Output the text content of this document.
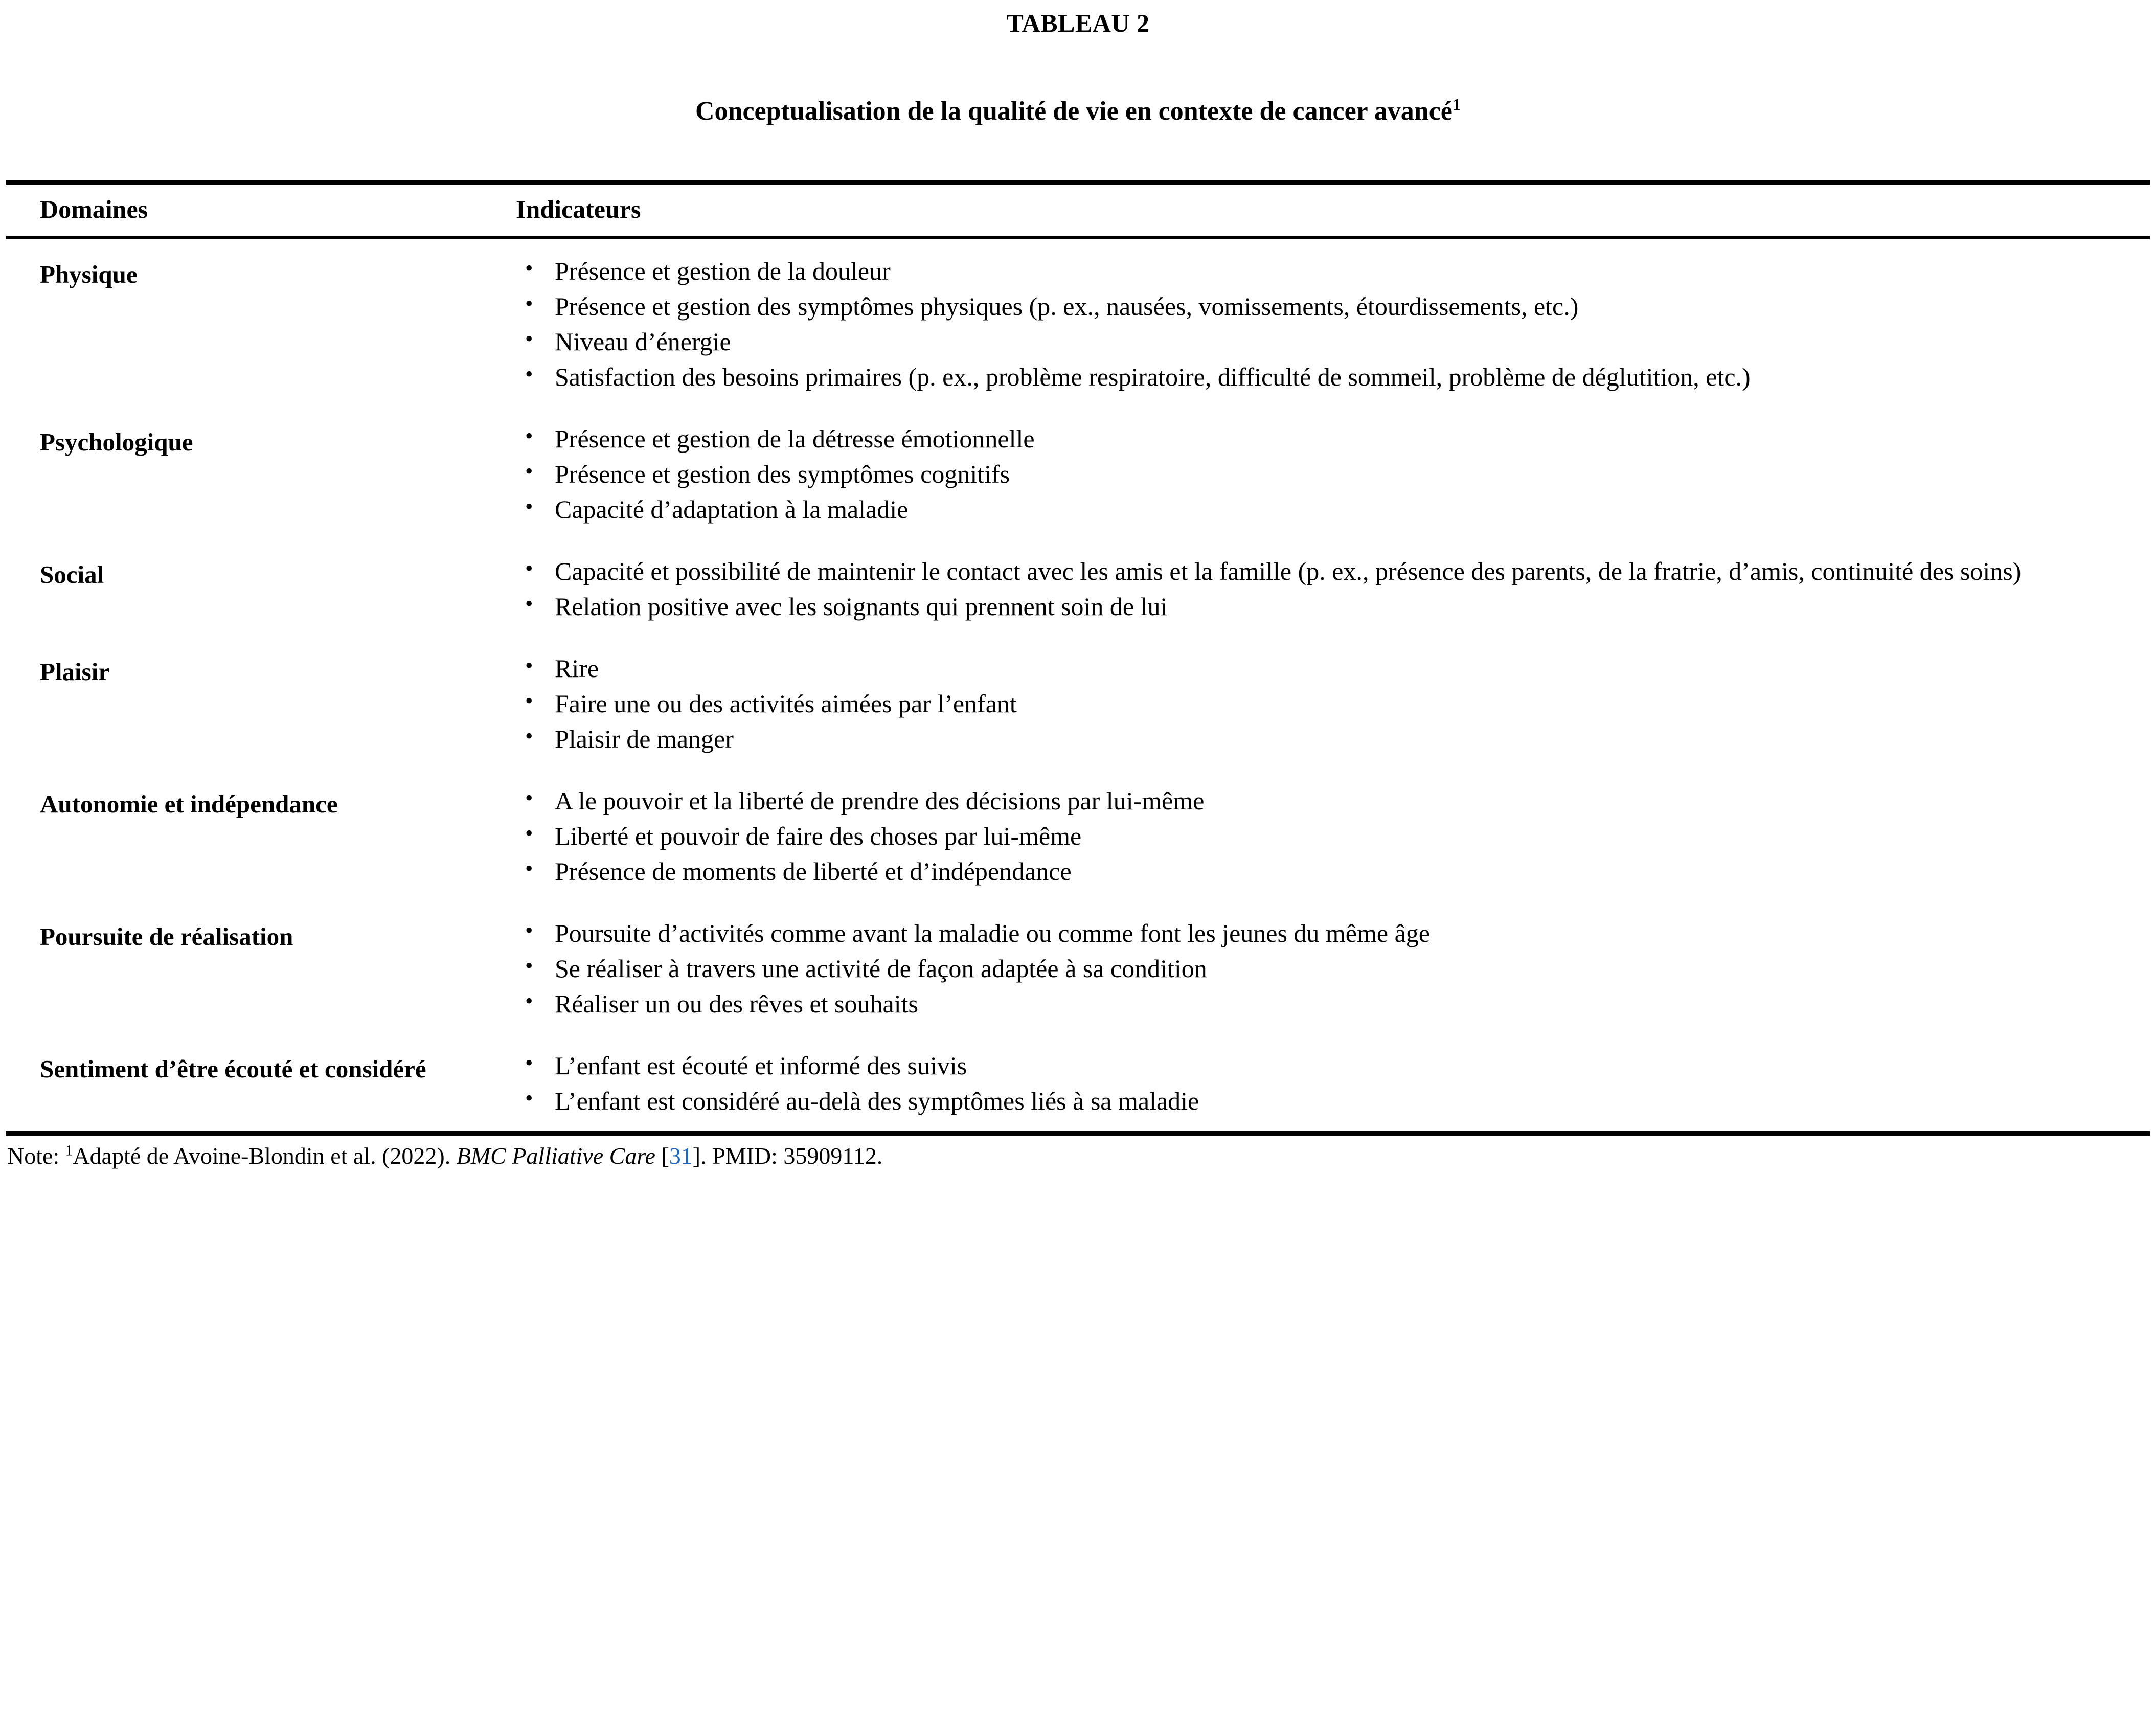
TABLEAU 2
Conceptualisation de la qualité de vie en contexte de cancer avancé$^1$
Domaines	Indicateurs
Physique	
•Présence et gestion de la douleur
• Présence et gestion des symptômes physiques (p. ex., nausées, vomissements, étourdissements, etc.)
• Niveau d’énergie
• Satisfaction des besoins primaires (p. ex., problème respiratoire, difficulté de sommeil, problème de déglutition, etc.)

Psychologique	
•Présence et gestion de la détresse émotionnelle
• Présence et gestion des symptômes cognitifs
• Capacité d’adaptation à la maladie

Social	
•Capacité et possibilité de maintenir le contact avec les amis et la famille (p. ex., présence des parents, de la fratrie, d’amis, continuité des soins)
• Relation positive avec les soignants qui prennent soin de lui

Plaisir	
•Rire
• Faire une ou des activités aimées par l’enfant
• Plaisir de manger

Autonomie et indépendance	
•A le pouvoir et la liberté de prendre des décisions par lui-même
• Liberté et pouvoir de faire des choses par lui-même
• Présence de moments de liberté et d’indépendance

Poursuite de réalisation	
•Poursuite d’activités comme avant la maladie ou comme font les jeunes du même âge
• Se réaliser à travers une activité de façon adaptée à sa condition
• Réaliser un ou des rêves et souhaits

Sentiment d’être écouté et considéré	
•L’enfant est écouté et informé des suivis
• L’enfant est considéré au-delà des symptômes liés à sa maladie
Note: $^1$Adapté de Avoine-Blondin et al. (2022). BMC Palliative Care [31]. PMID: 35909112.
